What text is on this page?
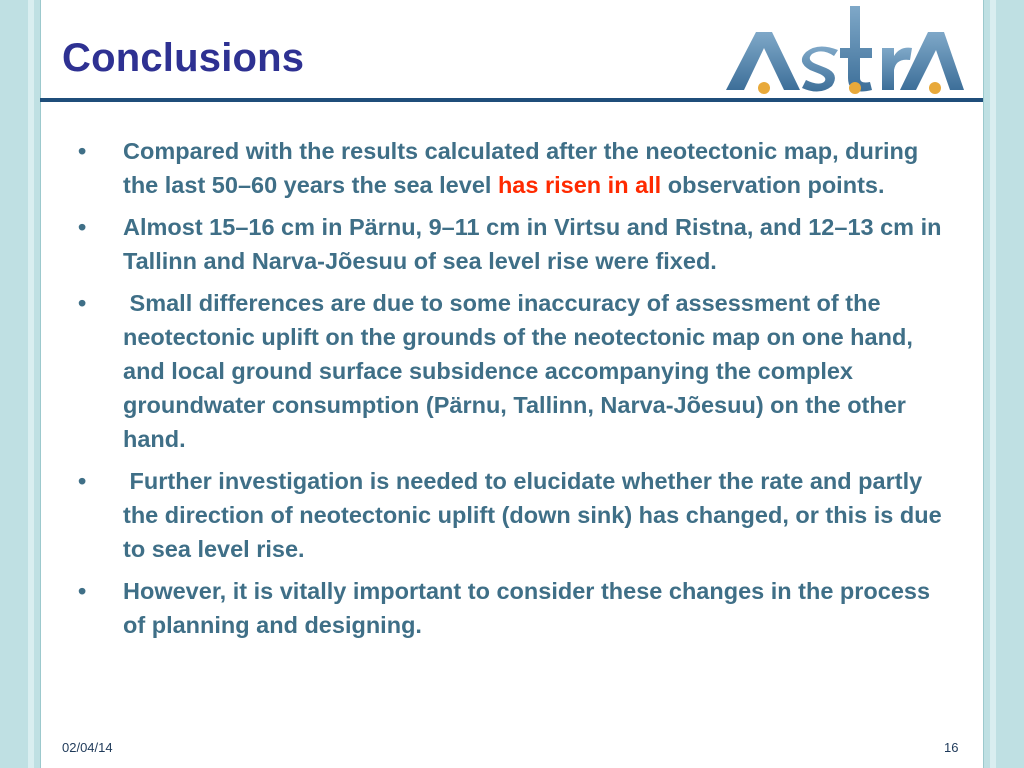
Conclusions
•	Compared with the results calculated after the neotectonic map, during the last 50–60 years the sea level has risen in all observation points.
•	Almost 15–16 cm in Pärnu, 9–11 cm in Virtsu and Ristna, and 12–13 cm in Tallinn and Narva-Jõesuu of sea level rise were fixed.
•	Small differences are due to some inaccuracy of assessment of the neotectonic uplift on the grounds of the neotectonic map on one hand, and local ground surface subsidence accompanying the complex  groundwater consumption (Pärnu, Tallinn, Narva-Jõesuu) on the other hand.
•	Further investigation is needed to elucidate whether the rate and partly the direction of neotectonic uplift (down sink) has changed, or this is due to sea level rise.
•	However, it is vitally important to consider these changes in the process of planning and designing.
02/04/14	16
